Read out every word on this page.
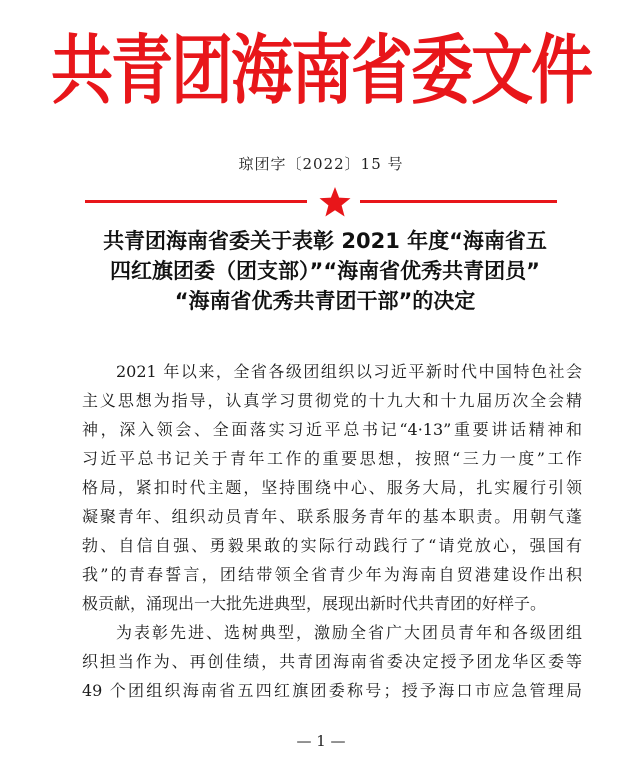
共青团海南省委文件
琼团字〔2022〕15 号
共青团海南省委关于表彰 2021 年度“海南省五
四红旗团委（团支部）”“海南省优秀共青团员”
“海南省优秀共青团干部”的决定
2021 年以来，全省各级团组织以习近平新时代中国特色社会
主义思想为指导，认真学习贯彻党的十九大和十九届历次全会精
神，深入领会、全面落实习近平总书记“4·13”重要讲话精神和
习近平总书记关于青年工作的重要思想，按照“三力一度”工作
格局，紧扣时代主题，坚持围绕中心、服务大局，扎实履行引领
凝聚青年、组织动员青年、联系服务青年的基本职责。用朝气蓬
勃、自信自强、勇毅果敢的实际行动践行了“请党放心，强国有
我”的青春誓言，团结带领全省青少年为海南自贸港建设作出积
极贡献，涌现出一大批先进典型，展现出新时代共青团的好样子。
为表彰先进、选树典型，激励全省广大团员青年和各级团组
织担当作为、再创佳绩，共青团海南省委决定授予团龙华区委等
49 个团组织海南省五四红旗团委称号；授予海口市应急管理局
— 1 —
